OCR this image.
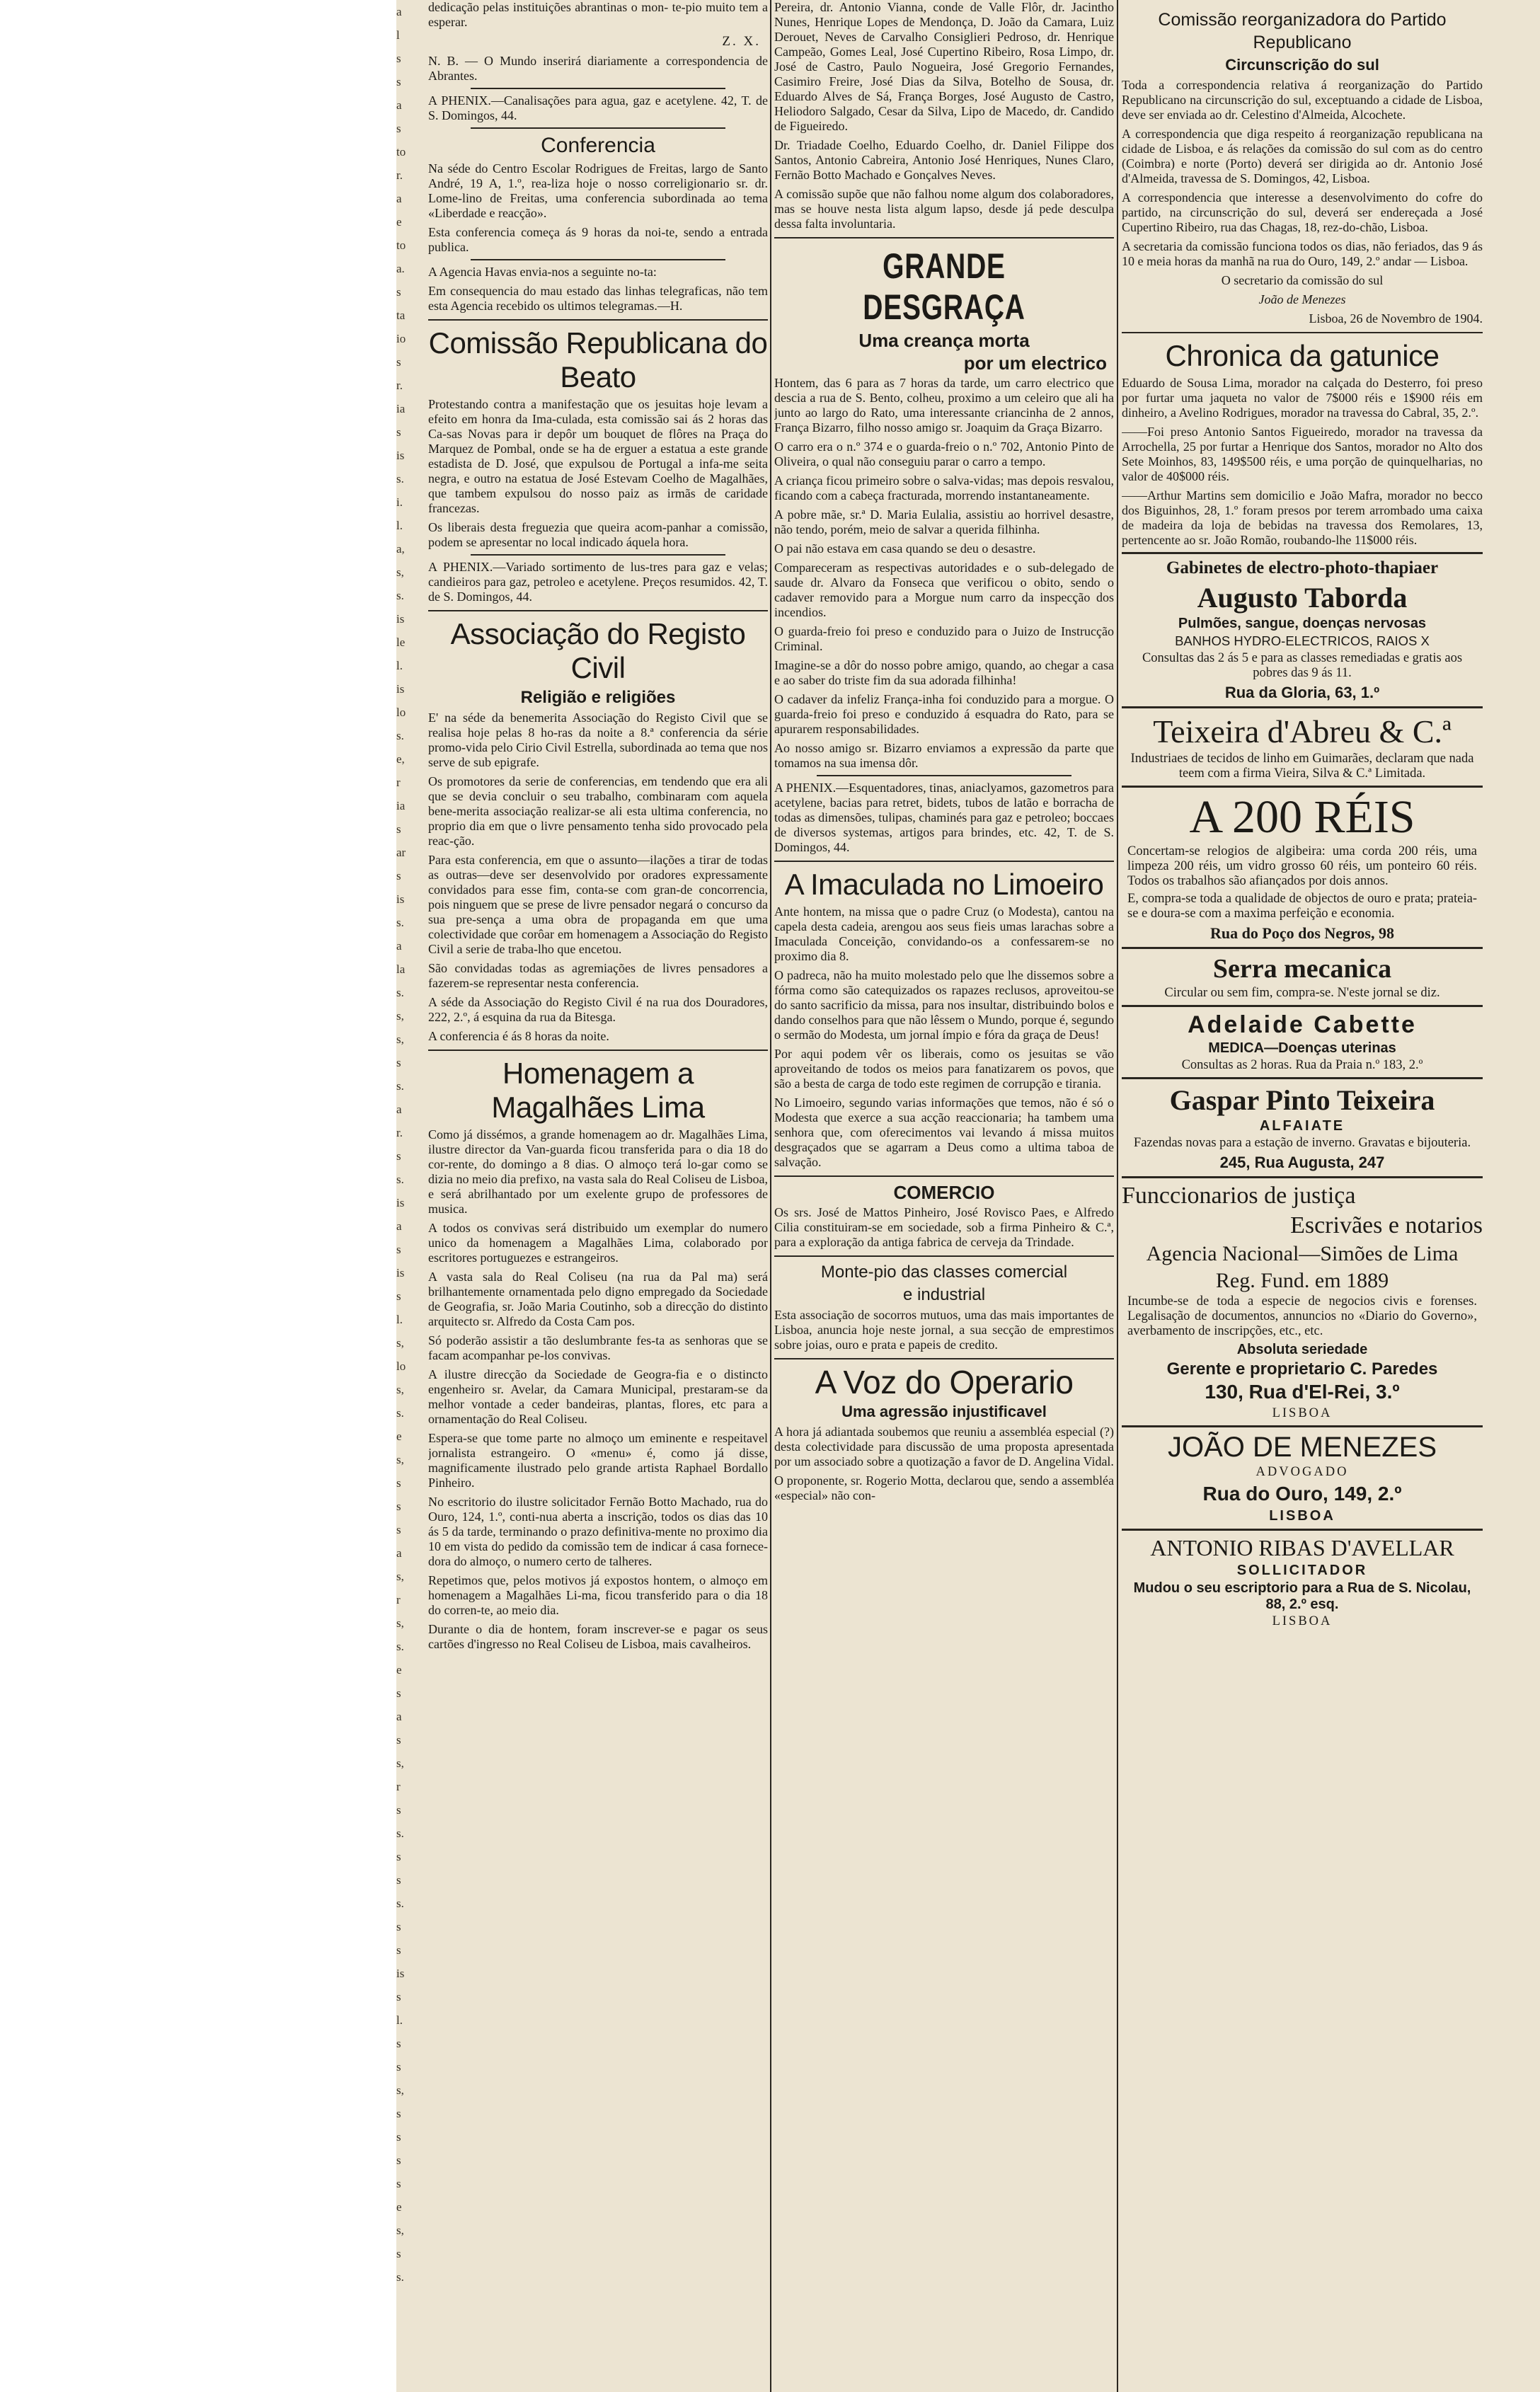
a
l
s
s
a
s
to
r.
a
e
to
a.
s
ta
io
s
r.
ia
s
is
s.
i.
l.
a,
s,
s.
is
le
l.
is
lo
s.
e,
r
ia
s
ar
s
is
s.
a
la
s.
s,
s,
s
s.
a
r.
s
s.
is
a
s
is
s
l.
s,
lo
s,
s.
e
s,
s
s
s
a
s,
r
s,
s.
e
s
a
s
s,
r
s
s.
s
s
s.
s
s
is
s
l.
s
s
s,
s
s
s
s
e
s,
s
s.

dedicação pelas instituições abrantinas o mon- te-pio muito tem a esperar.

Z. X.

N. B. — O Mundo inserirá diariamente a correspondencia de Abrantes.

A PHENIX.—Canalisações para agua, gaz e acetylene. 42, T. de S. Domingos, 44.

Conferencia

Na séde do Centro Escolar Rodrigues de Freitas, largo de Santo André, 19 A, 1.º, rea-liza hoje o nosso correligionario sr. dr. Lome-lino de Freitas, uma conferencia subordinada ao tema «Liberdade e reacção».

Esta conferencia começa ás 9 horas da noi-te, sendo a entrada publica.

A Agencia Havas envia-nos a seguinte no-ta:

Em consequencia do mau estado das linhas telegraficas, não tem esta Agencia recebido os ultimos telegramas.—H.

Comissão Republicana do Beato

Protestando contra a manifestação que os jesuitas hoje levam a efeito em honra da Ima-culada, esta comissão sai ás 2 horas das Ca-sas Novas para ir depôr um bouquet de flôres na Praça do Marquez de Pombal, onde se ha de erguer a estatua a este grande estadista de D. José, que expulsou de Portugal a infa-me seita negra, e outro na estatua de José Estevam Coelho de Magalhães, que tambem expulsou do nosso paiz as irmãs de caridade francezas.

Os liberais desta freguezia que queira acom-panhar a comissão, podem se apresentar no local indicado áquela hora.

A PHENIX.—Variado sortimento de lus-tres para gaz e velas; candieiros para gaz, petroleo e acetylene. Preços resumidos. 42, T. de S. Domingos, 44.

Associação do Registo Civil
Religião e religiões

E' na séde da benemerita Associação do Registo Civil que se realisa hoje pelas 8 ho-ras da noite a 8.ª conferencia da série promo-vida pelo Cirio Civil Estrella, subordinada ao tema que nos serve de sub epigrafe.

Os promotores da serie de conferencias, em tendendo que era ali que se devia concluir o seu trabalho, combinaram com aquela bene-merita associação realizar-se ali esta ultima conferencia, no proprio dia em que o livre pensamento tenha sido provocado pela reac-ção.

Para esta conferencia, em que o assunto—ilações a tirar de todas as outras—deve ser desenvolvido por oradores expressamente convidados para esse fim, conta-se com gran-de concorrencia, pois ninguem que se prese de livre pensador negará o concurso da sua pre-sença a uma obra de propaganda em que uma colectividade que corôar em homenagem a Associação do Registo Civil a serie de traba-lho que encetou.

São convidadas todas as agremiações de livres pensadores a fazerem-se representar nesta conferencia.

A séde da Associação do Registo Civil é na rua dos Douradores, 222, 2.º, á esquina da rua da Bitesga.

A conferencia é ás 8 horas da noite.

Homenagem a Magalhães Lima

Como já dissémos, a grande homenagem ao dr. Magalhães Lima, ilustre director da Van-guarda ficou transferida para o dia 18 do cor-rente, do domingo a 8 dias. O almoço terá lo-gar como se dizia no meio dia prefixo, na vasta sala do Real Coliseu de Lisboa, e será abrilhantado por um exelente grupo de professores de musica.

A todos os convivas será distribuido um exemplar do numero unico da homenagem a Magalhães Lima, colaborado por escritores portuguezes e estrangeiros.

A vasta sala do Real Coliseu (na rua da Pal ma) será brilhantemente ornamentada pelo digno empregado da Sociedade de Geografia, sr. João Maria Coutinho, sob a direcção do distinto arquitecto sr. Alfredo da Costa Cam pos.

Só poderão assistir a tão deslumbrante fes-ta as senhoras que se facam acompanhar pe-los convivas.

A ilustre direcção da Sociedade de Geogra-fia e o distincto engenheiro sr. Avelar, da Camara Municipal, prestaram-se da melhor vontade a ceder bandeiras, plantas, flores, etc para a ornamentação do Real Coliseu.

Espera-se que tome parte no almoço um eminente e respeitavel jornalista estrangeiro. O «menu» é, como já disse, magnificamente ilustrado pelo grande artista Raphael Bordallo Pinheiro.

No escritorio do ilustre solicitador Fernão Botto Machado, rua do Ouro, 124, 1.º, conti-nua aberta a inscrição, todos os dias das 10 ás 5 da tarde, terminando o prazo definitiva-mente no proximo dia 10 em vista do pedido da comissão tem de indicar á casa fornece-dora do almoço, o numero certo de talheres.

Repetimos que, pelos motivos já expostos hontem, o almoço em homenagem a Magalhães Li-ma, ficou transferido para o dia 18 do corren-te, ao meio dia.

Durante o dia de hontem, foram inscrever-se e pagar os seus cartões d'ingresso no Real Coliseu de Lisboa, mais cavalheiros.

Pereira, dr. Antonio Vianna, conde de Valle Flôr, dr. Jacintho Nunes, Henrique Lopes de Mendonça, D. João da Camara, Luiz Derouet, Neves de Carvalho Consiglieri Pedroso, dr. Henrique Campeão, Gomes Leal, José Cupertino Ribeiro, Rosa Limpo, dr. José de Castro, Paulo Nogueira, José Gregorio Fernandes, Casimiro Freire, José Dias da Silva, Botelho de Sousa, dr. Eduardo Alves de Sá, França Borges, José Augusto de Castro, Heliodoro Salgado, Cesar da Silva, Lipo de Macedo, dr. Candido de Figueiredo.

Dr. Triadade Coelho, Eduardo Coelho, dr. Daniel Filippe dos Santos, Antonio Cabreira, Antonio José Henriques, Nunes Claro, Fernão Botto Machado e Gonçalves Neves.

A comissão supõe que não falhou nome algum dos colaboradores, mas se houve nesta lista algum lapso, desde já pede desculpa dessa falta involuntaria.

GRANDE DESGRAÇA
Uma creança morta
por um electrico

Hontem, das 6 para as 7 horas da tarde, um carro electrico que descia a rua de S. Bento, colheu, proximo a um celeiro que ali ha junto ao largo do Rato, uma interessante criancinha de 2 annos, França Bizarro, filho nosso amigo sr. Joaquim da Graça Bizarro.

O carro era o n.º 374 e o guarda-freio o n.º 702, Antonio Pinto de Oliveira, o qual não conseguiu parar o carro a tempo.

A criança ficou primeiro sobre o salva-vidas; mas depois resvalou, ficando com a cabeça fracturada, morrendo instantaneamente.

A pobre mãe, sr.ª D. Maria Eulalia, assistiu ao horrivel desastre, não tendo, porém, meio de salvar a querida filhinha.

O pai não estava em casa quando se deu o desastre.

Compareceram as respectivas autoridades e o sub-delegado de saude dr. Alvaro da Fonseca que verificou o obito, sendo o cadaver removido para a Morgue num carro da inspecção dos incendios.

O guarda-freio foi preso e conduzido para o Juizo de Instrucção Criminal.

Imagine-se a dôr do nosso pobre amigo, quando, ao chegar a casa e ao saber do triste fim da sua adorada filhinha!

O cadaver da infeliz França-inha foi conduzido para a morgue. O guarda-freio foi preso e conduzido á esquadra do Rato, para se apurarem responsabilidades.

Ao nosso amigo sr. Bizarro enviamos a expressão da parte que tomamos na sua imensa dôr.

A PHENIX.—Esquentadores, tinas, aniaclyamos, gazometros para acetylene, bacias para retret, bidets, tubos de latão e borracha de todas as dimensões, tulipas, chaminés para gaz e petroleo; boccaes de diversos systemas, artigos para brindes, etc. 42, T. de S. Domingos, 44.

A Imaculada no Limoeiro

Ante hontem, na missa que o padre Cruz (o Modesta), cantou na capela desta cadeia, arengou aos seus fieis umas larachas sobre a Imaculada Conceição, convidando-os a confessarem-se no proximo dia 8.

O padreca, não ha muito molestado pelo que lhe dissemos sobre a fórma como são catequizados os rapazes reclusos, aproveitou-se do santo sacrificio da missa, para nos insultar, distribuindo bolos e dando conselhos para que não lêssem o Mundo, porque é, segundo o sermão do Modesta, um jornal ímpio e fóra da graça de Deus!

Por aqui podem vêr os liberais, como os jesuitas se vão aproveitando de todos os meios para fanatizarem os povos, que são a besta de carga de todo este regimen de corrupção e tirania.

No Limoeiro, segundo varias informações que temos, não é só o Modesta que exerce a sua acção reaccionaria; ha tambem uma senhora que, com oferecimentos vai levando á missa muitos desgraçados que se agarram a Deus como a ultima taboa de salvação.

COMERCIO

Os srs. José de Mattos Pinheiro, José Rovisco Paes, e Alfredo Cilia constituiram-se em sociedade, sob a firma Pinheiro & C.ª, para a exploração da antiga fabrica de cerveja da Trindade.

Monte-pio das classes comercial
e industrial

Esta associação de socorros mutuos, uma das mais importantes de Lisboa, anuncia hoje neste jornal, a sua secção de emprestimos sobre joias, ouro e prata e papeis de credito.

A Voz do Operario
Uma agressão injustificavel

A hora já adiantada soubemos que reuniu a assembléa especial (?) desta colectividade para discussão de uma proposta apresentada por um associado sobre a quotização a favor de D. Angelina Vidal.

O proponente, sr. Rogerio Motta, declarou que, sendo a assembléa «especial» não con-

Comissão reorganizadora do Partido
Republicano
Circunscrição do sul

Toda a correspondencia relativa á reorganização do Partido Republicano na circunscrição do sul, exceptuando a cidade de Lisboa, deve ser enviada ao dr. Celestino d'Almeida, Alcochete.

A correspondencia que diga respeito á reorganização republicana na cidade de Lisboa, e ás relações da comissão do sul com as do centro (Coimbra) e norte (Porto) deverá ser dirigida ao dr. Antonio José d'Almeida, travessa de S. Domingos, 42, Lisboa.

A correspondencia que interesse a desenvolvimento do cofre do partido, na circunscrição do sul, deverá ser endereçada a José Cupertino Ribeiro, rua das Chagas, 18, rez-do-chão, Lisboa.

A secretaria da comissão funciona todos os dias, não feriados, das 9 ás 10 e meia horas da manhã na rua do Ouro, 149, 2.º andar — Lisboa.

O secretario da comissão do sul

João de Menezes

Lisboa, 26 de Novembro de 1904.

Chronica da gatunice

Eduardo de Sousa Lima, morador na calçada do Desterro, foi preso por furtar uma jaqueta no valor de 7$000 réis e 1$900 réis em dinheiro, a Avelino Rodrigues, morador na travessa do Cabral, 35, 2.º.

——Foi preso Antonio Santos Figueiredo, morador na travessa da Arrochella, 25 por furtar a Henrique dos Santos, morador no Alto dos Sete Moinhos, 83, 149$500 réis, e uma porção de quinquelharias, no valor de 40$000 réis.

——Arthur Martins sem domicilio e João Mafra, morador no becco dos Biguinhos, 28, 1.º foram presos por terem arrombado uma caixa de madeira da loja de bebidas na travessa dos Remolares, 13, pertencente ao sr. João Romão, roubando-lhe 11$000 réis.

Gabinetes de electro-photo-thapiaer
Augusto Taborda
Pulmões, sangue, doenças nervosas
BANHOS HYDRO-ELECTRICOS, RAIOS X
Consultas das 2 ás 5 e para as classes remediadas e gratis aos pobres das 9 ás 11.
Rua da Gloria, 63, 1.º
Teixeira d'Abreu & C.ª
Industriaes de tecidos de linho em Guimarães, declaram que nada teem com a firma Vieira, Silva & C.ª Limitada.
A 200 RÉIS
Concertam-se relogios de algibeira: uma corda 200 réis, uma limpeza 200 réis, um vidro grosso 60 réis, um ponteiro 60 réis. Todos os trabalhos são afiançados por dois annos.
E, compra-se toda a qualidade de objectos de ouro e prata; prateia-se e doura-se com a maxima perfeição e economia.
Rua do Poço dos Negros, 98
Serra mecanica
Circular ou sem fim, compra-se. N'este jornal se diz.
Adelaide Cabette
MEDICA—Doenças uterinas
Consultas as 2 horas. Rua da Praia n.º 183, 2.º
Gaspar Pinto Teixeira
ALFAIATE
Fazendas novas para a estação de inverno. Gravatas e bijouteria.
245, Rua Augusta, 247
Funccionarios de justiça
Escrivães e notarios
Agencia Nacional—Simões de Lima
Reg. Fund. em 1889
Incumbe-se de toda a especie de negocios civis e forenses. Legalisação de documentos, annuncios no «Diario do Governo», averbamento de inscripções, etc., etc.
Absoluta seriedade
Gerente e proprietario C. Paredes
130, Rua d'El-Rei, 3.º
LISBOA
JOÃO DE MENEZES
ADVOGADO
Rua do Ouro, 149, 2.º
LISBOA
ANTONIO RIBAS D'AVELLAR
SOLLICITADOR
Mudou o seu escriptorio para a Rua de S. Nicolau, 88, 2.º esq.
LISBOA
